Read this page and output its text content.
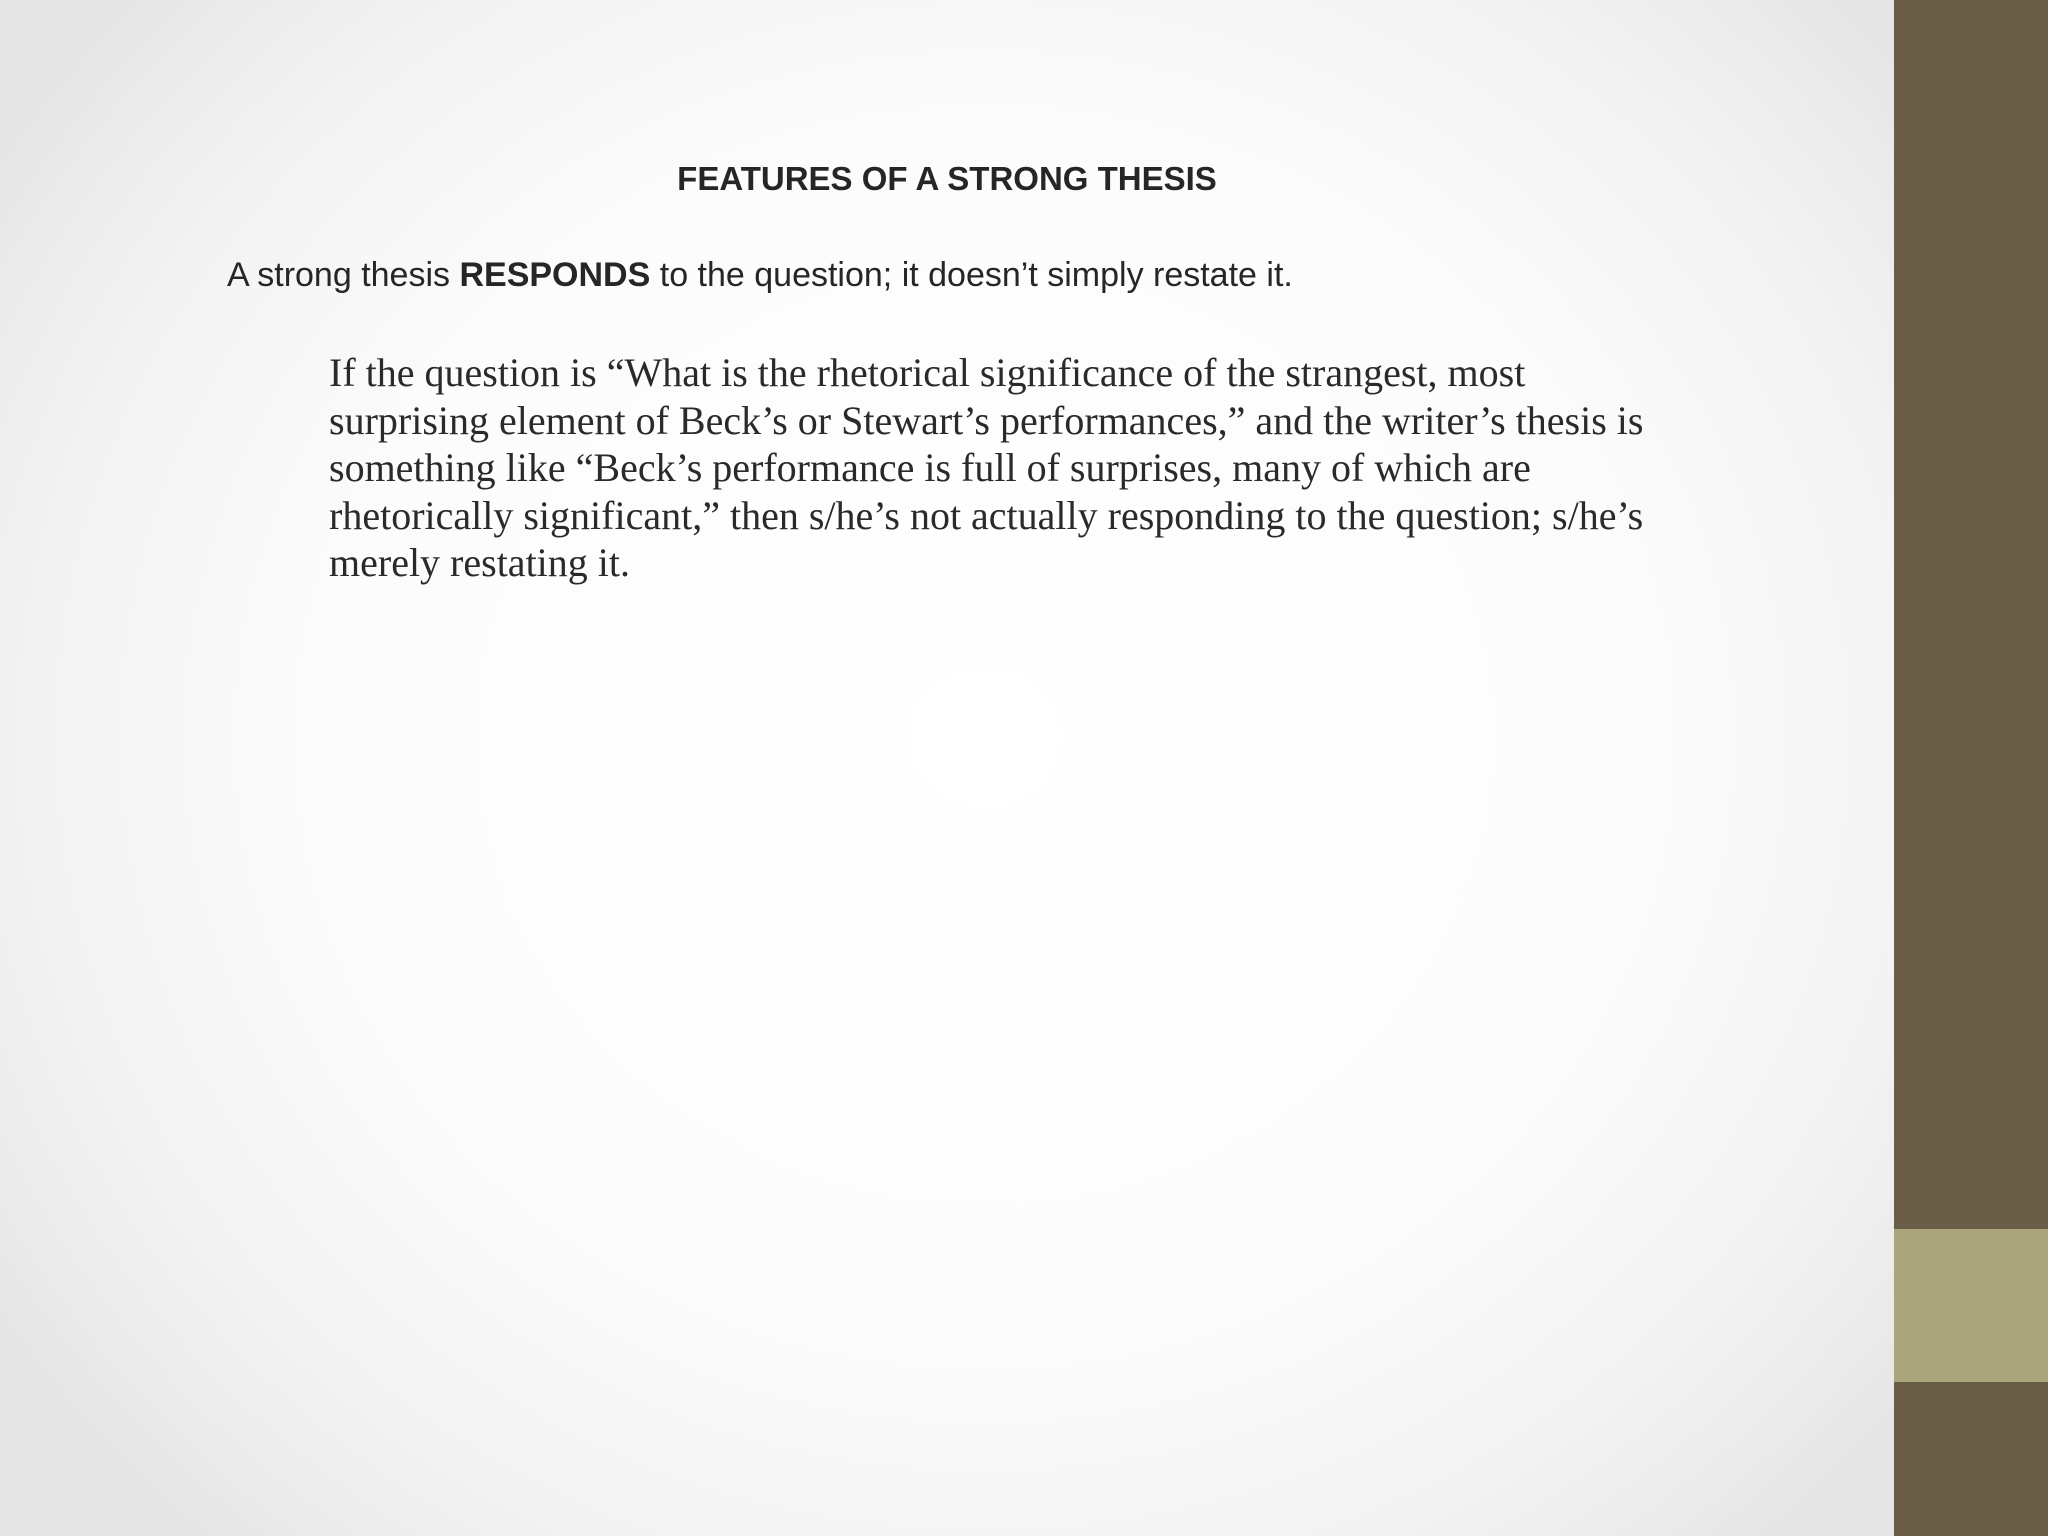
FEATURES OF A STRONG THESIS
A strong thesis RESPONDS to the question; it doesn’t simply restate it.
If the question is “What is the rhetorical significance of the strangest, most surprising element of Beck’s or Stewart’s performances,” and the writer’s thesis is something like “Beck’s performance is full of surprises, many of which are rhetorically significant,” then s/he’s not actually responding to the question; s/he’s merely restating it.
